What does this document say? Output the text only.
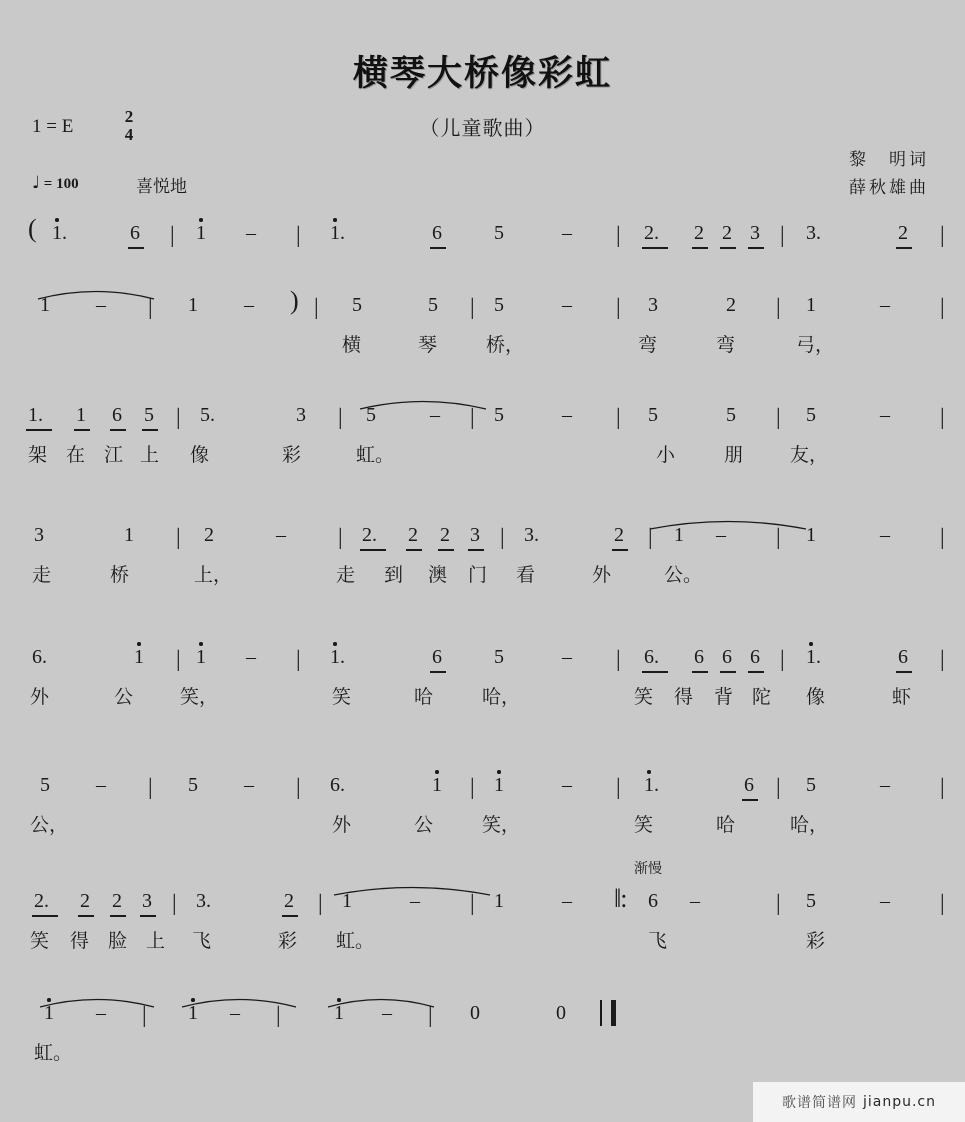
横琴大桥像彩虹
（儿童歌曲）
1 = E	2
4
♩ = 100	喜悦地
黎　明词
薛秋雄曲
( 1.	6 | 1 – | 1.	6	5	– | 2. 2 2 3 | 3.	2 |
1 – | 1 – ) | 5	5 | 5	– | 3	2 | 1	– |
横	琴	桥，	弯	弯	弓，
1. 1 6 5 | 5.	3 | 5	– | 5	– | 5	5 | 5	– |
架 在 江 上 像	彩	虹。	小	朋 友，
3	1 | 2	– | 2. 2 2 3 | 3.	2 | 1 – | 1	– |
走	桥	上，	走 到 澳 门 看	外	公。
6.	1 | 1 – | 1.	6	5	– | 6. 6 6 6 | 1.	6 |
外	公 笑，	笑	哈	哈，	笑 得 背 陀 像	虾
5 – | 5 – | 6.	1 | 1	– | 1.	6 | 5	– |
公，	外	公	笑，	笑	哈	哈，
2. 2 2 3 | 3.	2 | 1	– | 1	–	6 –	| 5	– |
‖:
渐慢
笑 得 脸 上 飞	彩 虹。	飞	彩
1 – | 1 – |	1 – | 0	0
虹。
歌谱简谱网 jianpu.cn
